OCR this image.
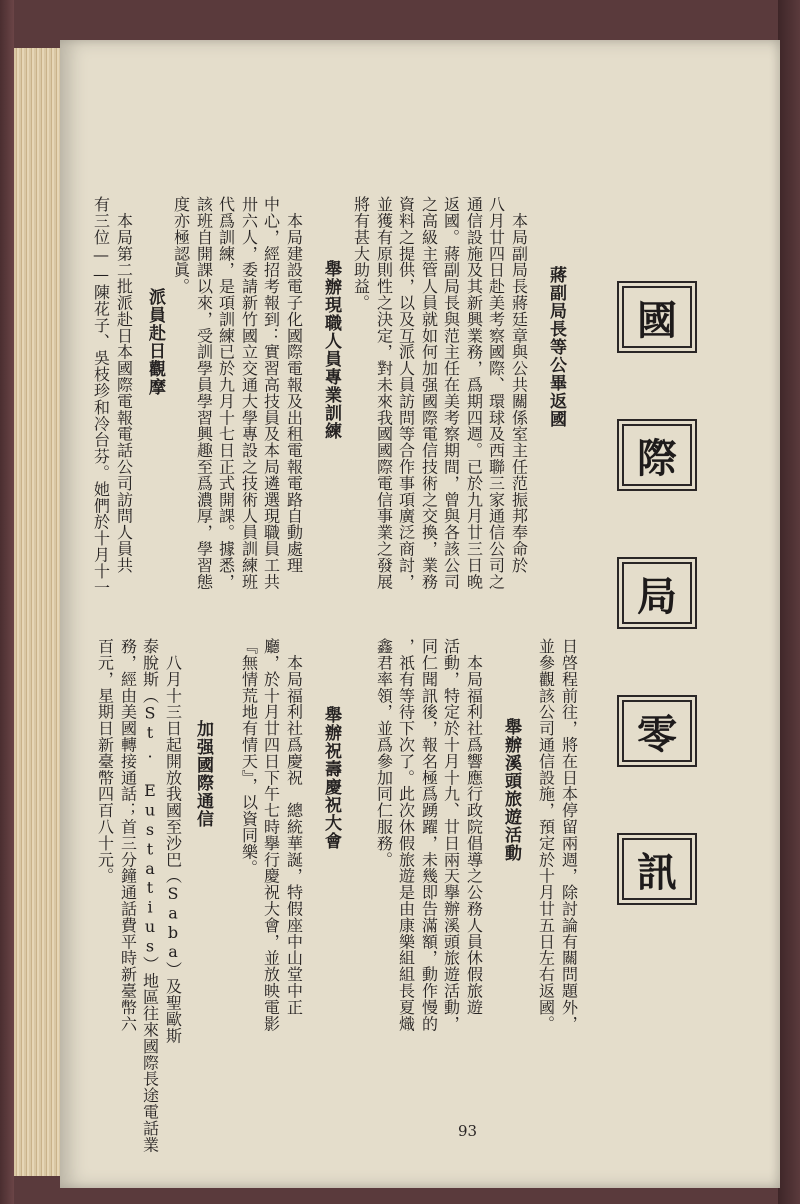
國
際
局
零
訊
蔣副局長等公畢返國
　本局副局長蔣廷章與公共關係室主任范振邦奉命於
八月廿四日赴美考察國際、環球及西聯三家通信公司之
通信設施及其新興業務，爲期四週。已於九月廿三日晚
返國。蔣副局長與范主任在美考察期間，曾與各該公司
之高級主管人員就如何加强國際電信技術之交換，業務
資料之提供，以及互派人員訪問等合作事項廣泛商討，
並獲有原則性之決定，對未來我國國際電信事業之發展
將有甚大助益。
日啓程前往，將在日本停留兩週，除討論有關問題外，
並參觀該公司通信設施，預定於十月廿五日左右返國。
舉辦溪頭旅遊活動
　本局福利社爲響應行政院倡導之公務人員休假旅遊
活動，特定於十月十九、廿日兩天擧辦溪頭旅遊活動，
同仁聞訊後，報名極爲踴躍，未幾即告滿額，動作慢的
，祇有等待下次了。此次休假旅遊是由康樂組組長夏熾
鑫君率領，並爲參加同仁服務。
舉辦現職人員專業訓練
　本局建設電子化國際電報及出租電報電路自動處理
中心，經招考報到：實習高技員及本局遴選現職員工共
卅六人，委請新竹國立交通大學專設之技術人員訓練班
代爲訓練，是項訓練已於九月十七日正式開課。據悉，
該班自開課以來，受訓學員學習興趣至爲濃厚，學習態
度亦極認眞。
舉辦祝壽慶祝大會
　本局福利社爲慶祝　總統華誕，特假座中山堂中正
廳，於十月廿四日下午七時擧行慶祝大會，並放映電影
『無情荒地有情天』，以資同樂。
派員赴日觀摩
　本局第二批派赴日本國際電報電話公司訪問人員共
有三位——陳花子、吳枝珍和冷台芬。她們於十月十一
加强國際通信
　八月十三日起開放我國至沙巴（Saba）及聖歐斯
泰脫斯（St. Eustatius）地區往來國際長途電話業
務，經由美國轉接通話；首三分鐘通話費平時新臺幣六
百元，星期日新臺幣四百八十元。
93
